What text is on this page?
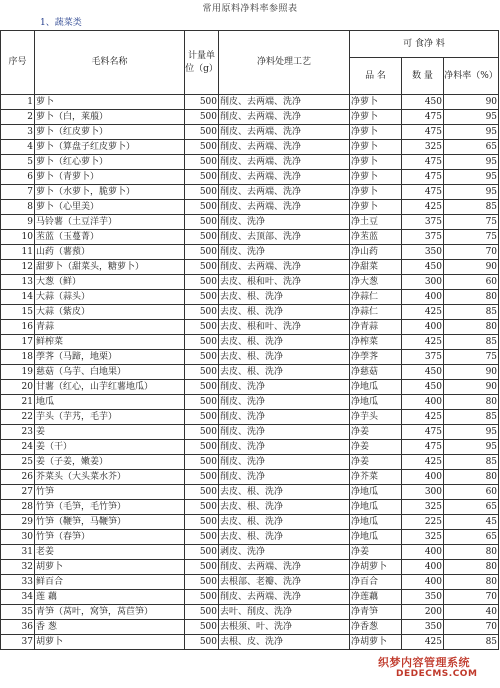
常用原料净料率参照表
1、蔬菜类
序号	毛料名称	计量单位（g）	净料处理工艺	可 食净 料		
				品 名	数 量	净料率（%）
1	萝卜	500	削皮、去两端、洗净	净萝卜	450	90
2	萝卜（白，莱菔）	500	削皮、去两端、洗净	净萝卜	475	95
3	萝卜（红皮萝卜）	500	削皮、去两端、洗净	净萝卜	475	95
4	萝卜（算盘子红皮萝卜）	500	削皮、去两端、洗净	净萝卜	325	65
5	萝卜（红心萝卜）	500	削皮、去两端、洗净	净萝卜	475	95
6	萝卜（青萝卜）	500	削皮、去两端、洗净	净萝卜	475	95
7	萝卜（水萝卜，脆萝卜）	500	削皮、去两端、洗净	净萝卜	475	95
8	萝卜（心里美）	500	削皮、去两端、洗净	净萝卜	425	85
9	马铃薯（土豆洋芋）	500	削皮、洗净	净土豆	375	75
10	苤蓝（玉蔓菁）	500	削皮、去顶部、洗净	净苤蓝	375	75
11	山药（薯蓣）	500	削皮、洗净	净山药	350	70
12	甜萝卜（甜菜头，糖萝卜）	500	削皮、去两端、洗净	净甜菜	450	90
13	大葱（鲜）	500	去皮、根和叶、洗净	净大葱	300	60
14	大蒜（蒜头）	500	去皮、根、洗净	净蒜仁	400	80
15	大蒜（紫皮）	500	去皮、根、洗净	净蒜仁	425	85
16	青蒜	500	去皮、根和叶、洗净	净青蒜	400	80
17	鲜榨菜	500	去皮、根、洗净	净榨菜	425	85
18	荸荠（马蹄，地栗）	500	去皮、根、洗净	净荸荠	375	75
19	慈菇（乌芋、白地果）	500	去皮、根、洗净	净慈菇	450	90
20	甘薯（红心，山芋红薯地瓜）	500	削皮、洗净	净地瓜	450	90
21	地瓜	500	削皮、洗净	净地瓜	400	80
22	芋头（芋艿，毛芋）	500	削皮、洗净	净芋头	425	85
23	姜	500	削皮、洗净	净姜	475	95
24	姜（干）	500	削皮、洗净	净姜	475	95
25	姜（子姜，嫩姜）	500	削皮、洗净	净姜	425	85
26	芥菜头（大头菜水芥）	500	削皮、洗净	净芥菜	400	80
27	竹笋	500	去皮、根、洗净	净地瓜	300	60
28	竹笋（毛笋，毛竹笋）	500	去皮、根、洗净	净地瓜	325	65
29	竹笋（鞭笋，马鞭笋）	500	去皮、根、洗净	净地瓜	225	45
30	竹笋（春笋）	500	去皮、根、洗净	净地瓜	325	65
31	老姜	500	剥皮、洗净	净姜	400	80
32	胡萝卜	500	削皮、去两端、洗净	净胡萝卜	400	80
33	鲜百合	500	去根部、老瓣、洗净	净百合	400	80
34	莲 藕	500	削皮、去两端、洗净	净莲藕	350	70
35	青笋（莴叶，窝笋，莴苣笋）	500	去叶、削皮、洗净	净青笋	200	40
36	香 葱	500	去根须、叶、洗净	净香葱	350	70
37	胡萝卜	500	去根、皮、洗净	净胡萝卜	425	85
织梦内容管理系统
DEDECMS.COM
